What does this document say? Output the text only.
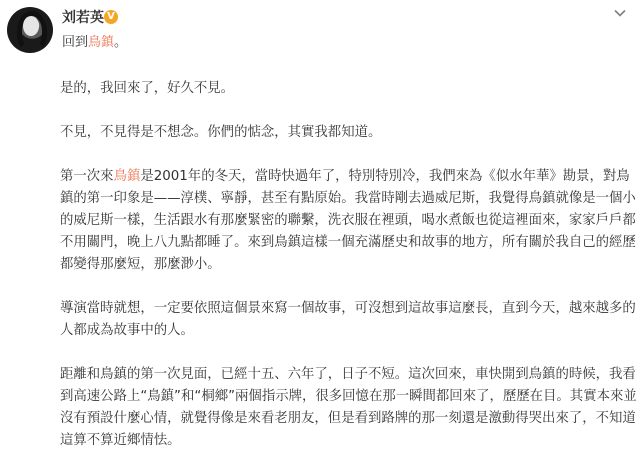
刘若英 V
回到鳥鎮。
是的，我回來了，好久不見。
不見，不見得是不想念。你們的惦念，其實我都知道。
第一次來鳥鎮是2001年的冬天，當時快過年了，特別特別冷，我們來為《似水年華》勘景，對鳥
鎮的第一印象是——淳樸、寧靜，甚至有點原始。我當時剛去過威尼斯，我覺得鳥鎮就像是一個小
的威尼斯一樣，生活跟水有那麼緊密的聯繫，洗衣服在裡頭，喝水煮飯也從這裡面來，家家戶戶都
不用關門，晚上八九點都睡了。來到鳥鎮這樣一個充滿歷史和故事的地方，所有關於我自己的經歷
都變得那麼短，那麼渺小。
導演當時就想，一定要依照這個景來寫一個故事，可沒想到這故事這麼長，直到今天，越來越多的
人都成為故事中的人。
距離和鳥鎮的第一次見面，已經十五、六年了，日子不短。這次回來，車快開到鳥鎮的時候，我看
到高速公路上“鳥鎮”和“桐鄉”兩個指示牌，很多回憶在那一瞬間都回來了，歷歷在目。其實本來並
沒有預設什麼心情，就覺得像是來看老朋友，但是看到路牌的那一刻還是激動得哭出來了，不知道
這算不算近鄉情怯。
